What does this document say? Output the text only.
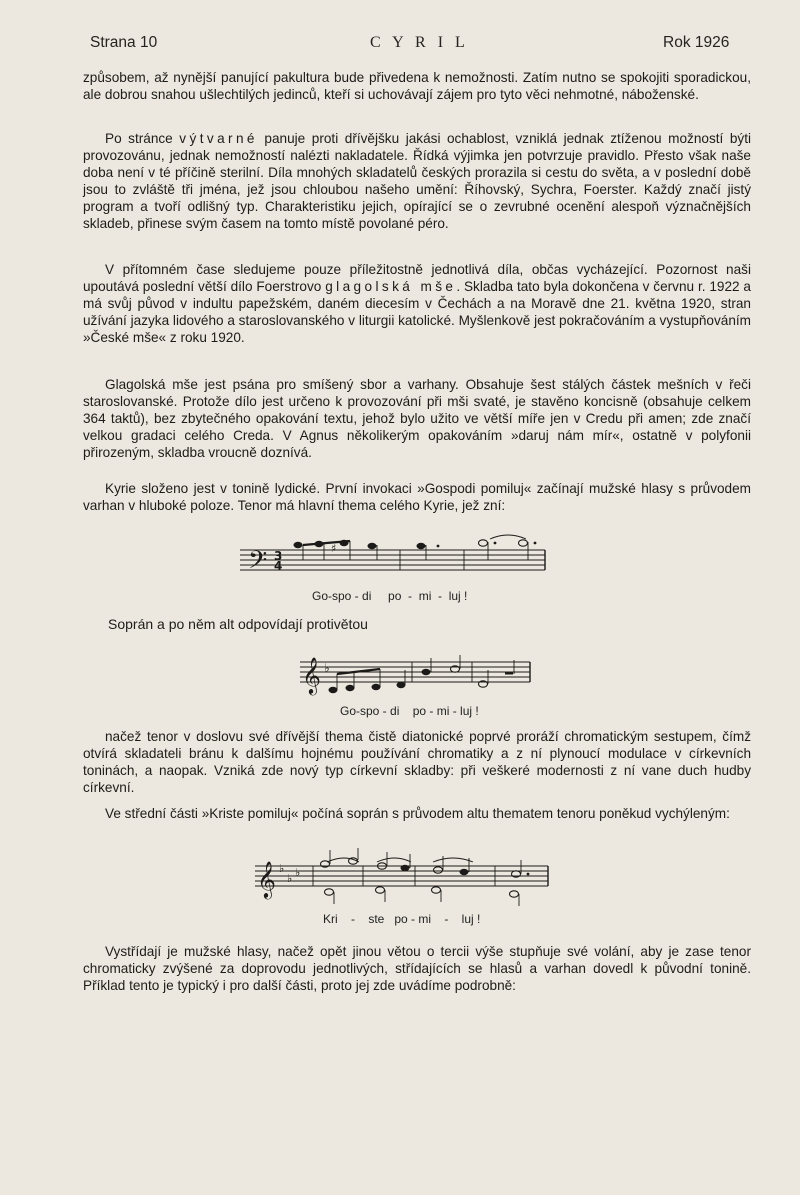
Strana 10	C Y R I L	Rok 1926

způsobem, až nynější panující pakultura bude přivedena k nemožnosti. Zatím nutno se spokojiti sporadickou, ale dobrou snahou ušlechtilých jedinců, kteří si uchovávají zájem pro tyto věci nehmotné, náboženské.

Po stránce výtvarné panuje proti dřívějšku jakási ochablost, vzniklá jednak ztíženou možností býti provozovánu, jednak nemožností nalézti nakladatele. Řídká výjimka jen potvrzuje pravidlo. Přesto však naše doba není v té příčině sterilní. Díla mnohých skladatelů českých prorazila si cestu do světa, a v poslední době jsou to zvláště tři jména, jež jsou chloubou našeho umění: Říhovský, Sychra, Foerster. Každý značí jistý program a tvoří odlišný typ. Charakteristiku jejich, opírající se o zevrubné ocenění alespoň význačnějších skladeb, přinese svým časem na tomto místě povolané péro.

V přítomném čase sledujeme pouze příležitostně jednotlivá díla, občas vycházející. Pozornost naši upoutává poslední větší dílo Foerstrovo glagolská mše. Skladba tato byla dokončena v červnu r. 1922 a má svůj původ v indultu papežském, daném diecesím v Čechách a na Moravě dne 21. května 1920, stran užívání jazyka lidového a staroslovanského v liturgii katolické. Myšlenkově jest pokračováním a vystupňováním »České mše« z roku 1920.

Glagolská mše jest psána pro smíšený sbor a varhany. Obsahuje šest stálých částek mešních v řeči staroslovanské. Protože dílo jest určeno k provozování při mši svaté, je stavěno koncisně (obsahuje celkem 364 taktů), bez zbytečného opakování textu, jehož bylo užito ve větší míře jen v Credu při amen; zde značí velkou gradaci celého Creda. V Agnus několikerým opakováním »daruj nám mír«, ostatně v polyfonii přirozeným, skladba vroucně doznívá.

Kyrie složeno jest v tonině lydické. První invokaci »Gospodi pomiluj« začínají mužské hlasy s průvodem varhan v hluboké poloze. Tenor má hlavní thema celého Kyrie, jež zní:

𝄢 3
4
♯
Go-spo - di     po  -  mi  -  luj !
Soprán a po něm alt odpovídají protivětou
𝄞 ♭
Go-spo - di    po - mi - luj !

načež tenor v doslovu své dřívější thema čistě diatonické poprvé proráží chromatickým sestupem, čímž otvírá skladateli bránu k dalšímu hojnému používání chromatiky a z ní plynoucí modulace v církevních toninách, a naopak. Vzniká zde nový typ církevní skladby: při veškeré modernosti z ní vane duch hudby církevní.

Ve střední části »Kriste pomiluj« počíná soprán s průvodem altu thematem tenoru poněkud vychýleným:

𝄞 ♭
♭ ♭
Kri    -    ste   po - mi    -    luj !

Vystřídají je mužské hlasy, načež opět jinou větou o tercii výše stupňuje své volání, aby je zase tenor chromaticky zvýšené za doprovodu jednotlivých, střídajících se hlasů a varhan dovedl k původní tonině. Příklad tento je typický i pro další části, proto jej zde uvádíme podrobně:
